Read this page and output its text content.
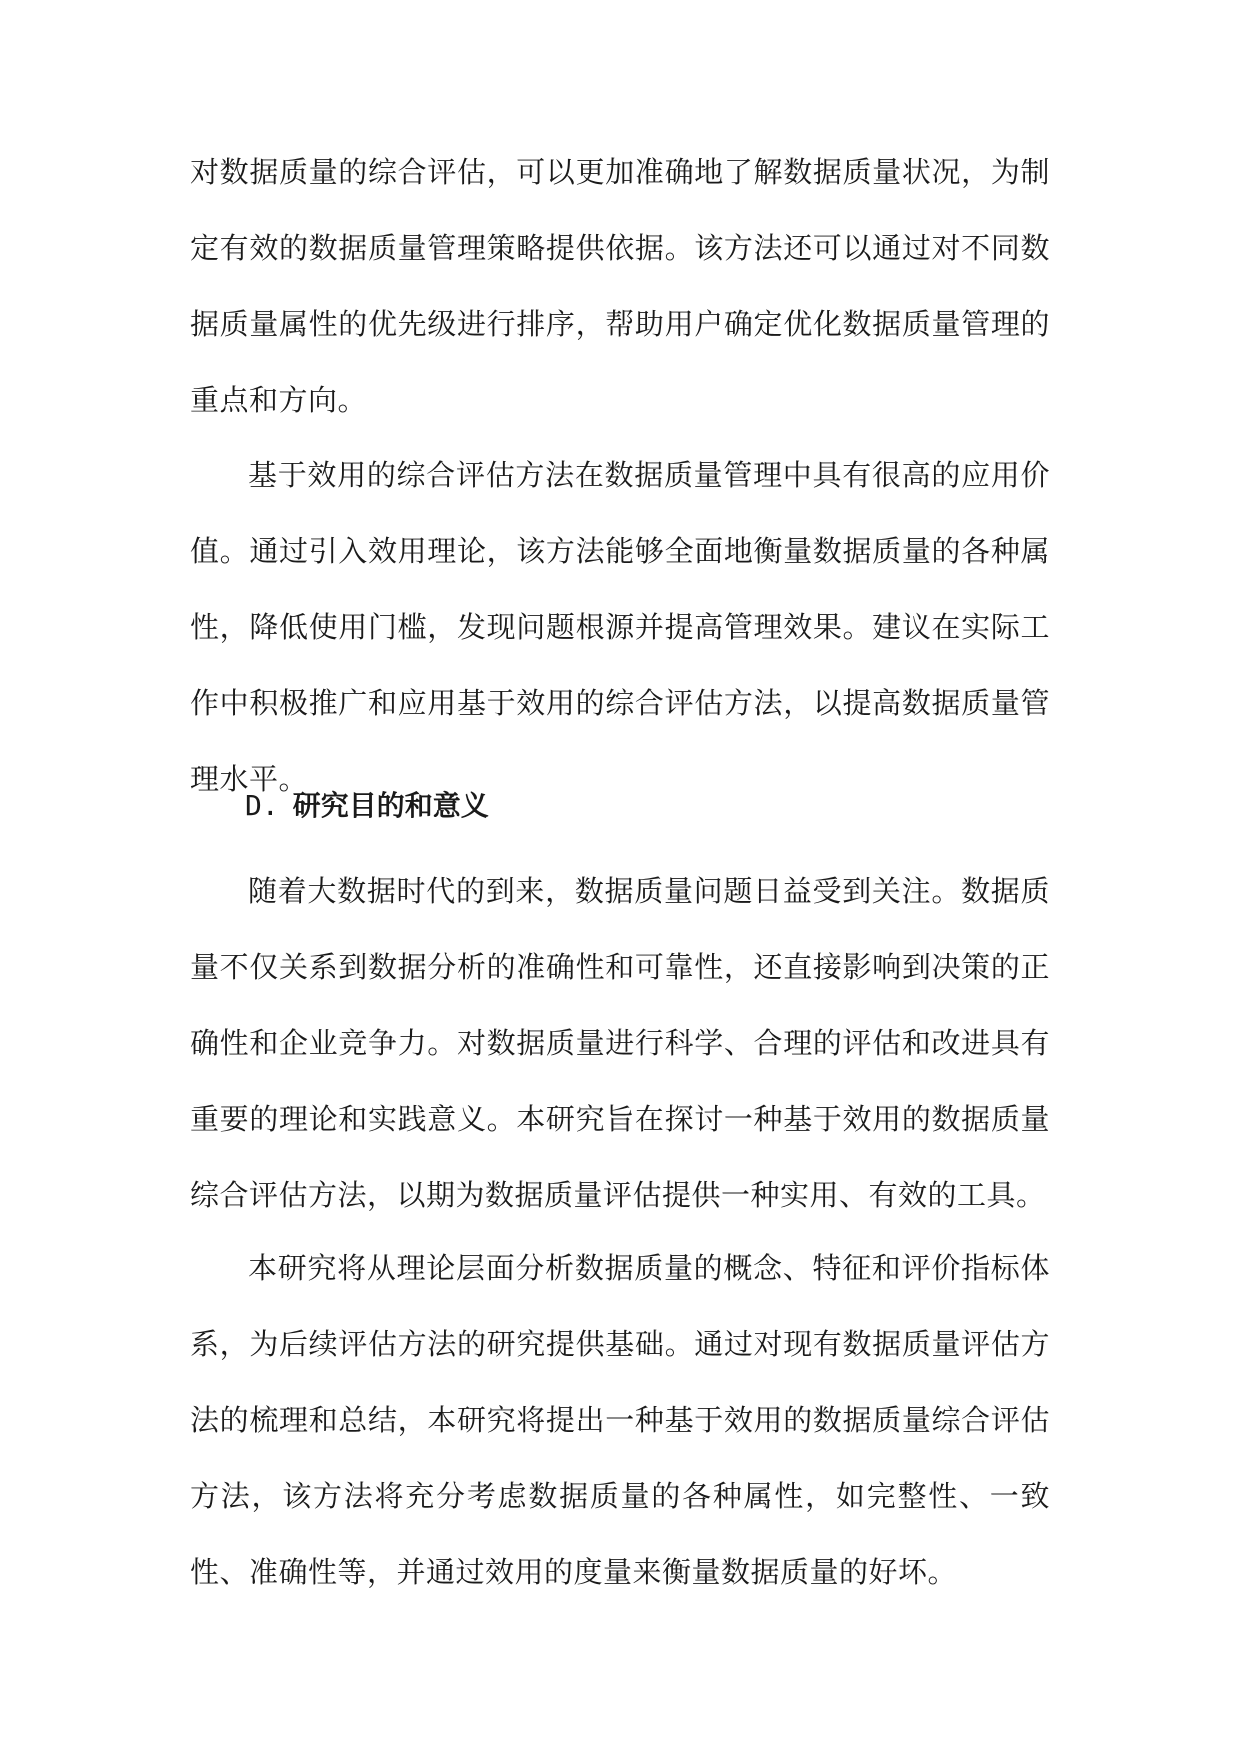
对数据质量的综合评估，可以更加准确地了解数据质量状况，为制定有效的数据质量管理策略提供依据。该方法还可以通过对不同数据质量属性的优先级进行排序，帮助用户确定优化数据质量管理的重点和方向。
基于效用的综合评估方法在数据质量管理中具有很高的应用价值。通过引入效用理论，该方法能够全面地衡量数据质量的各种属性，降低使用门槛，发现问题根源并提高管理效果。建议在实际工作中积极推广和应用基于效用的综合评估方法，以提高数据质量管理水平。
D. 研究目的和意义
随着大数据时代的到来，数据质量问题日益受到关注。数据质量不仅关系到数据分析的准确性和可靠性，还直接影响到决策的正确性和企业竞争力。对数据质量进行科学、合理的评估和改进具有重要的理论和实践意义。本研究旨在探讨一种基于效用的数据质量综合评估方法，以期为数据质量评估提供一种实用、有效的工具。
本研究将从理论层面分析数据质量的概念、特征和评价指标体系，为后续评估方法的研究提供基础。通过对现有数据质量评估方法的梳理和总结，本研究将提出一种基于效用的数据质量综合评估方法，该方法将充分考虑数据质量的各种属性，如完整性、一致性、准确性等，并通过效用的度量来衡量数据质量的好坏。
